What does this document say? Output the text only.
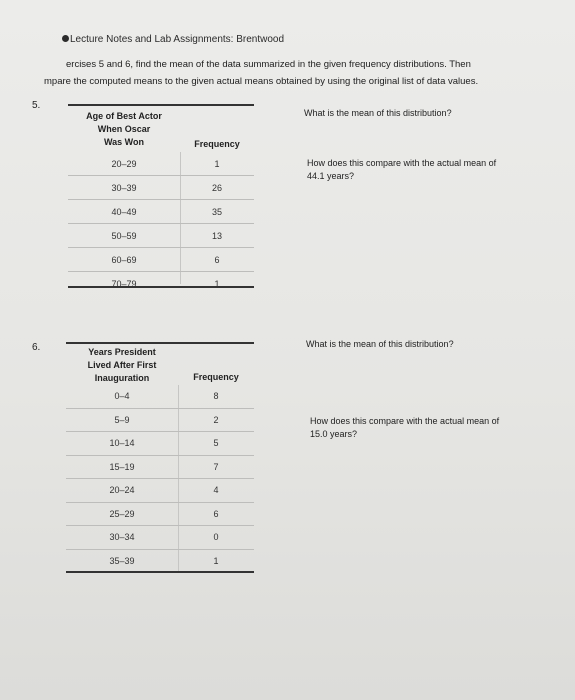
Lecture Notes and Lab Assignments: Brentwood
ercises 5 and 6, find the mean of the data summarized in the given frequency distributions. Then
mpare the computed means to the given actual means obtained by using the original list of data values.
5.
What is the mean of this distribution?
How does this compare with the actual mean of
44.1 years?
Age of Best Actor
When Oscar
Was Won	Frequency
20–29	1
30–39	26
40–49	35
50–59	13
60–69	6
70–79	1
6.	What is the mean of this distribution?
How does this compare with the actual mean of
15.0 years?
Years President
Lived After First
Inauguration	Frequency
0–4	8
5–9	2
10–14	5
15–19	7
20–24	4
25–29	6
30–34	0
35–39	1
